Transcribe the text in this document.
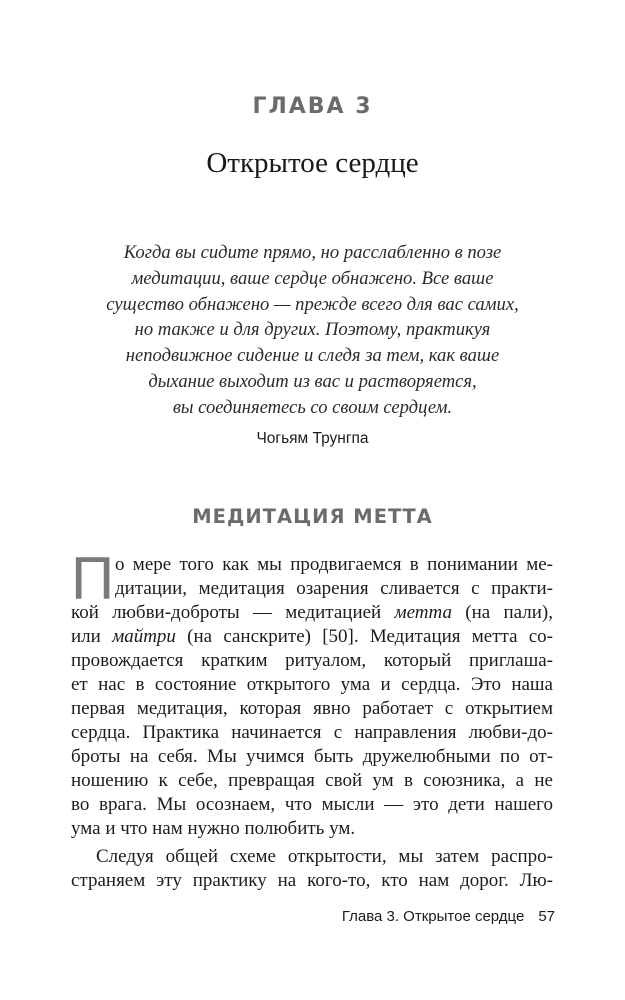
ГЛАВА 3
Открытое сердце
Когда вы сидите прямо, но расслабленно в позе
медитации, ваше сердце обнажено. Все ваше
существо обнажено — прежде всего для вас самих,
но также и для других. Поэтому, практикуя
неподвижное сидение и следя за тем, как ваше
дыхание выходит из вас и растворяется,
вы соединяетесь со своим сердцем.
Чогьям Трунгпа
МЕДИТАЦИЯ МЕТТА
П о мере того как мы продвигаемся в понимании ме-
дитации, медитация озарения сливается с практи-
кой любви-доброты — медитацией метта (на пали),
или майтри (на санскрите) [50]. Медитация метта со-
провождается кратким ритуалом, который приглаша-
ет нас в состояние открытого ума и сердца. Это наша
первая медитация, которая явно работает с открытием
сердца. Практика начинается с направления любви-до-
броты на себя. Мы учимся быть дружелюбными по от-
ношению к себе, превращая свой ум в союзника, а не
во врага. Мы осознаем, что мысли — это дети нашего
ума и что нам нужно полюбить ум.
Следуя общей схеме открытости, мы затем распро-
страняем эту практику на кого-то, кто нам дорог. Лю-
Глава 3. Открытое сердце 57
